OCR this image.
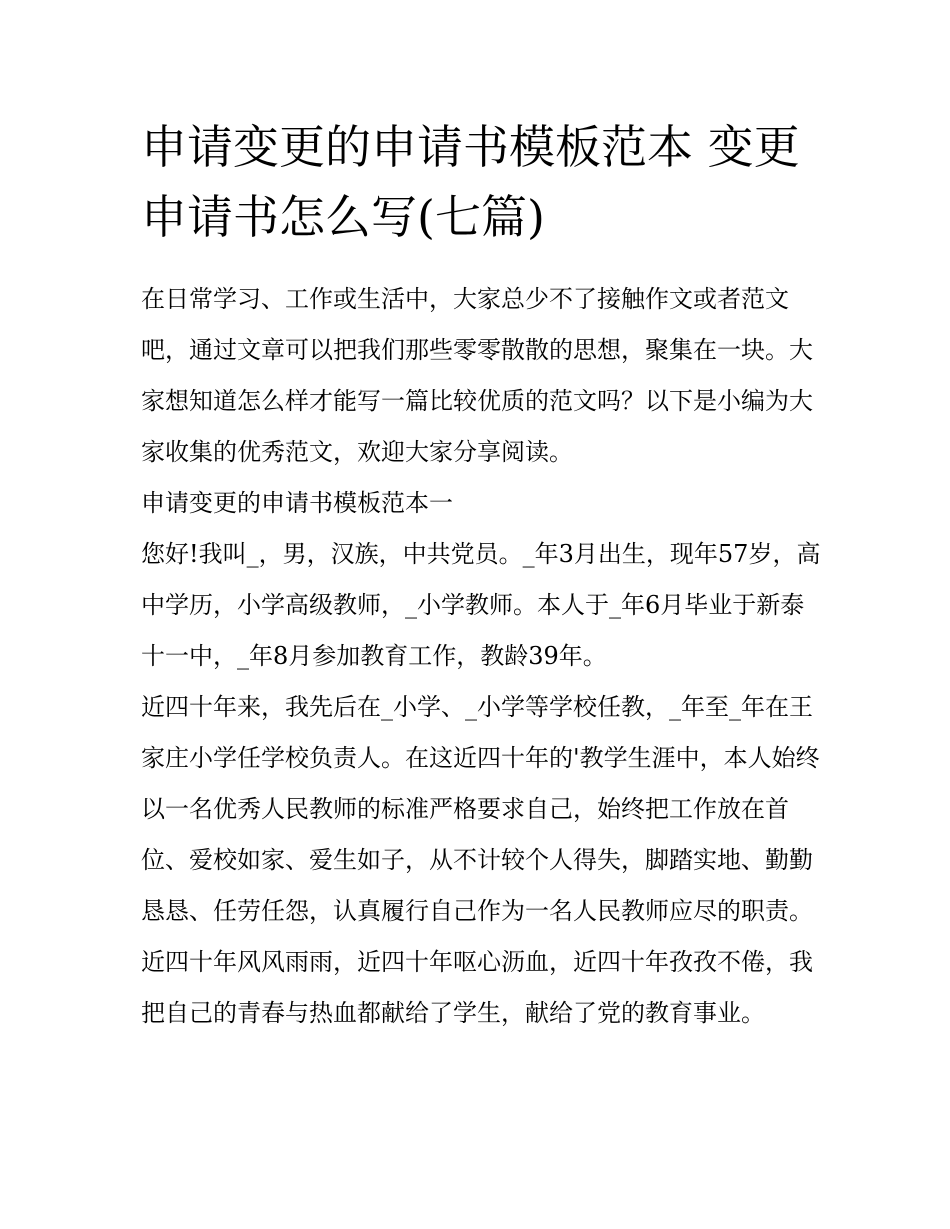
申请变更的申请书模板范本 变更申请书怎么写(七篇)

在日常学习、工作或生活中，大家总少不了接触作文或者范文吧，通过文章可以把我们那些零零散散的思想，聚集在一块。大家想知道怎么样才能写一篇比较优质的范文吗？以下是小编为大家收集的优秀范文，欢迎大家分享阅读。

申请变更的申请书模板范本一

您好!我叫_，男，汉族，中共党员。_年3月出生，现年57岁，高中学历，小学高级教师，_小学教师。本人于_年6月毕业于新泰十一中，_年8月参加教育工作，教龄39年。

近四十年来，我先后在_小学、_小学等学校任教，_年至_年在王家庄小学任学校负责人。在这近四十年的'教学生涯中，本人始终以一名优秀人民教师的标准严格要求自己，始终把工作放在首位、爱校如家、爱生如子，从不计较个人得失，脚踏实地、勤勤恳恳、任劳任怨，认真履行自己作为一名人民教师应尽的职责。

近四十年风风雨雨，近四十年呕心沥血，近四十年孜孜不倦，我把自己的青春与热血都献给了学生，献给了党的教育事业。
